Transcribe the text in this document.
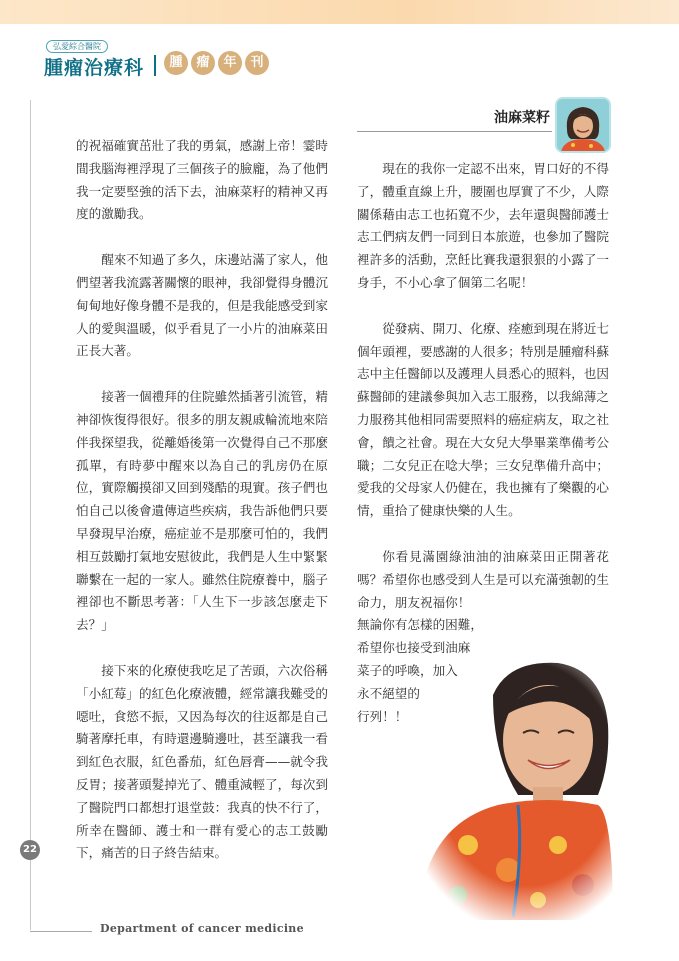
弘愛綜合醫院
腫瘤治療科	腫	瘤	年	刊
油麻菜籽

的祝福確實茁壯了我的勇氣，感謝上帝！霎時間我腦海裡浮現了三個孩子的臉龐，為了他們我一定要堅強的活下去，油麻菜籽的精神又再度的激勵我。

醒來不知過了多久，床邊站滿了家人，他們望著我流露著關懷的眼神，我卻覺得身體沉甸甸地好像身體不是我的，但是我能感受到家人的愛與溫暖，似乎看見了一小片的油麻菜田正長大著。

接著一個禮拜的住院雖然插著引流管，精神卻恢復得很好。很多的朋友親戚輪流地來陪伴我探望我，從離婚後第一次覺得自己不那麼孤單，有時夢中醒來以為自己的乳房仍在原位，實際觸摸卻又回到殘酷的現實。孩子們也怕自己以後會遺傳這些疾病，我告訴他們只要早發現早治療，癌症並不是那麼可怕的，我們相互鼓勵打氣地安慰彼此，我們是人生中緊緊聯繫在一起的一家人。雖然住院療養中，腦子裡卻也不斷思考著：「人生下一步該怎麼走下去？」

接下來的化療使我吃足了苦頭，六次俗稱「小紅莓」的紅色化療液體，經常讓我難受的噁吐，食慾不振，又因為每次的往返都是自己騎著摩托車，有時還邊騎邊吐，甚至讓我一看到紅色衣服，紅色番茄，紅色唇膏——就令我反胃；接著頭髮掉光了、體重減輕了，每次到了醫院門口都想打退堂鼓：我真的快不行了，所幸在醫師、護士和一群有愛心的志工鼓勵下，痛苦的日子終告結束。

現在的我你一定認不出來，胃口好的不得了，體重直線上升，腰圍也厚實了不少，人際關係藉由志工也拓寬不少，去年還與醫師護士志工們病友們一同到日本旅遊，也參加了醫院裡許多的活動，烹飪比賽我還狠狠的小露了一身手，不小心拿了個第二名呢！

從發病、開刀、化療、痊癒到現在將近七個年頭裡，要感謝的人很多；特別是腫瘤科蘇志中主任醫師以及護理人員悉心的照料，也因蘇醫師的建議參與加入志工服務，以我綿薄之力服務其他相同需要照料的癌症病友，取之社會，饋之社會。現在大女兒大學畢業準備考公職；二女兒正在唸大學；三女兒準備升高中；愛我的父母家人仍健在，我也擁有了樂觀的心情，重拾了健康快樂的人生。

你看見滿園綠油油的油麻菜田正開著花嗎？希望你也感受到人生是可以充滿強韌的生命力，朋友祝福你！

無論你有怎樣的困難，

希望你也接受到油麻

菜子的呼喚，加入

永不絕望的

行列！！

22
Department of cancer medicine
